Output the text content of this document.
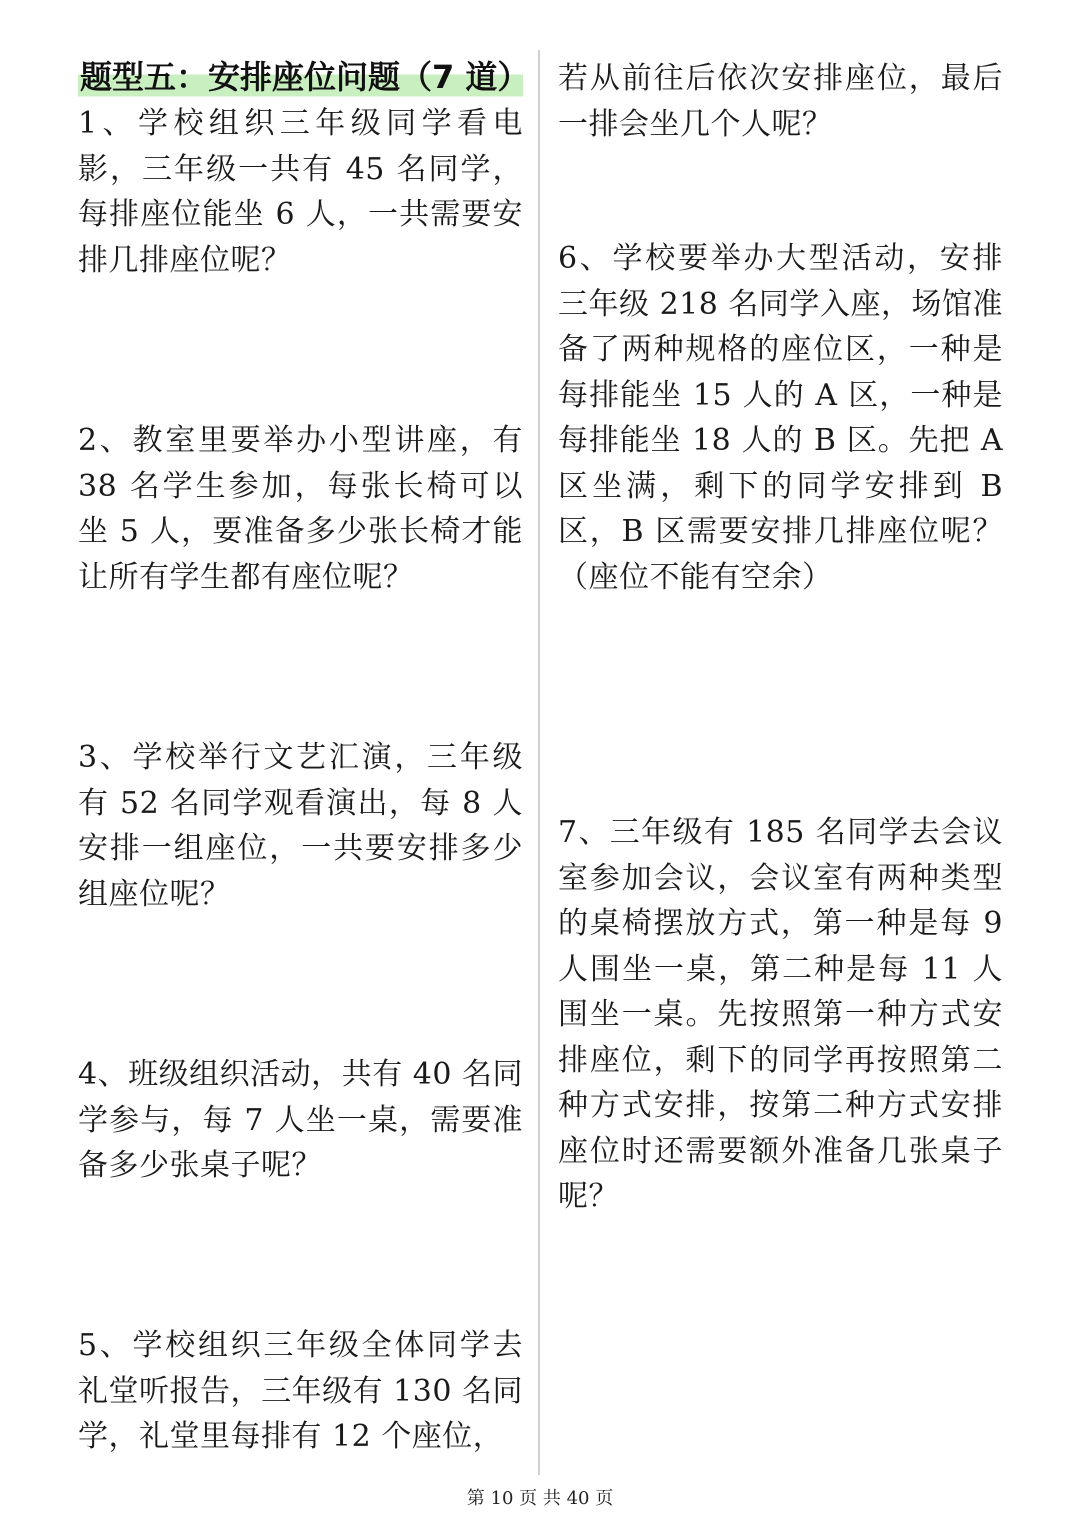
题型五：安排座位问题（7 道）

1、学校组织三年级同学看电影，三年级一共有 45 名同学，每排座位能坐 6 人，一共需要安排几排座位呢？

2、教室里要举办小型讲座，有 38 名学生参加，每张长椅可以坐 5 人，要准备多少张长椅才能让所有学生都有座位呢？

3、学校举行文艺汇演，三年级有 52 名同学观看演出，每 8 人安排一组座位，一共要安排多少组座位呢？

4、班级组织活动，共有 40 名同学参与，每 7 人坐一桌，需要准备多少张桌子呢？

5、学校组织三年级全体同学去礼堂听报告，三年级有 130 名同学，礼堂里每排有 12 个座位，

若从前往后依次安排座位，最后一排会坐几个人呢？

6、学校要举办大型活动，安排三年级 218 名同学入座，场馆准备了两种规格的座位区，一种是每排能坐 15 人的 A 区，一种是每排能坐 18 人的 B 区。先把 A 区坐满，剩下的同学安排到 B 区，B 区需要安排几排座位呢？（座位不能有空余）

7、三年级有 185 名同学去会议室参加会议，会议室有两种类型的桌椅摆放方式，第一种是每 9 人围坐一桌，第二种是每 11 人围坐一桌。先按照第一种方式安排座位，剩下的同学再按照第二种方式安排，按第二种方式安排座位时还需要额外准备几张桌子呢？

第 10 页 共 40 页
